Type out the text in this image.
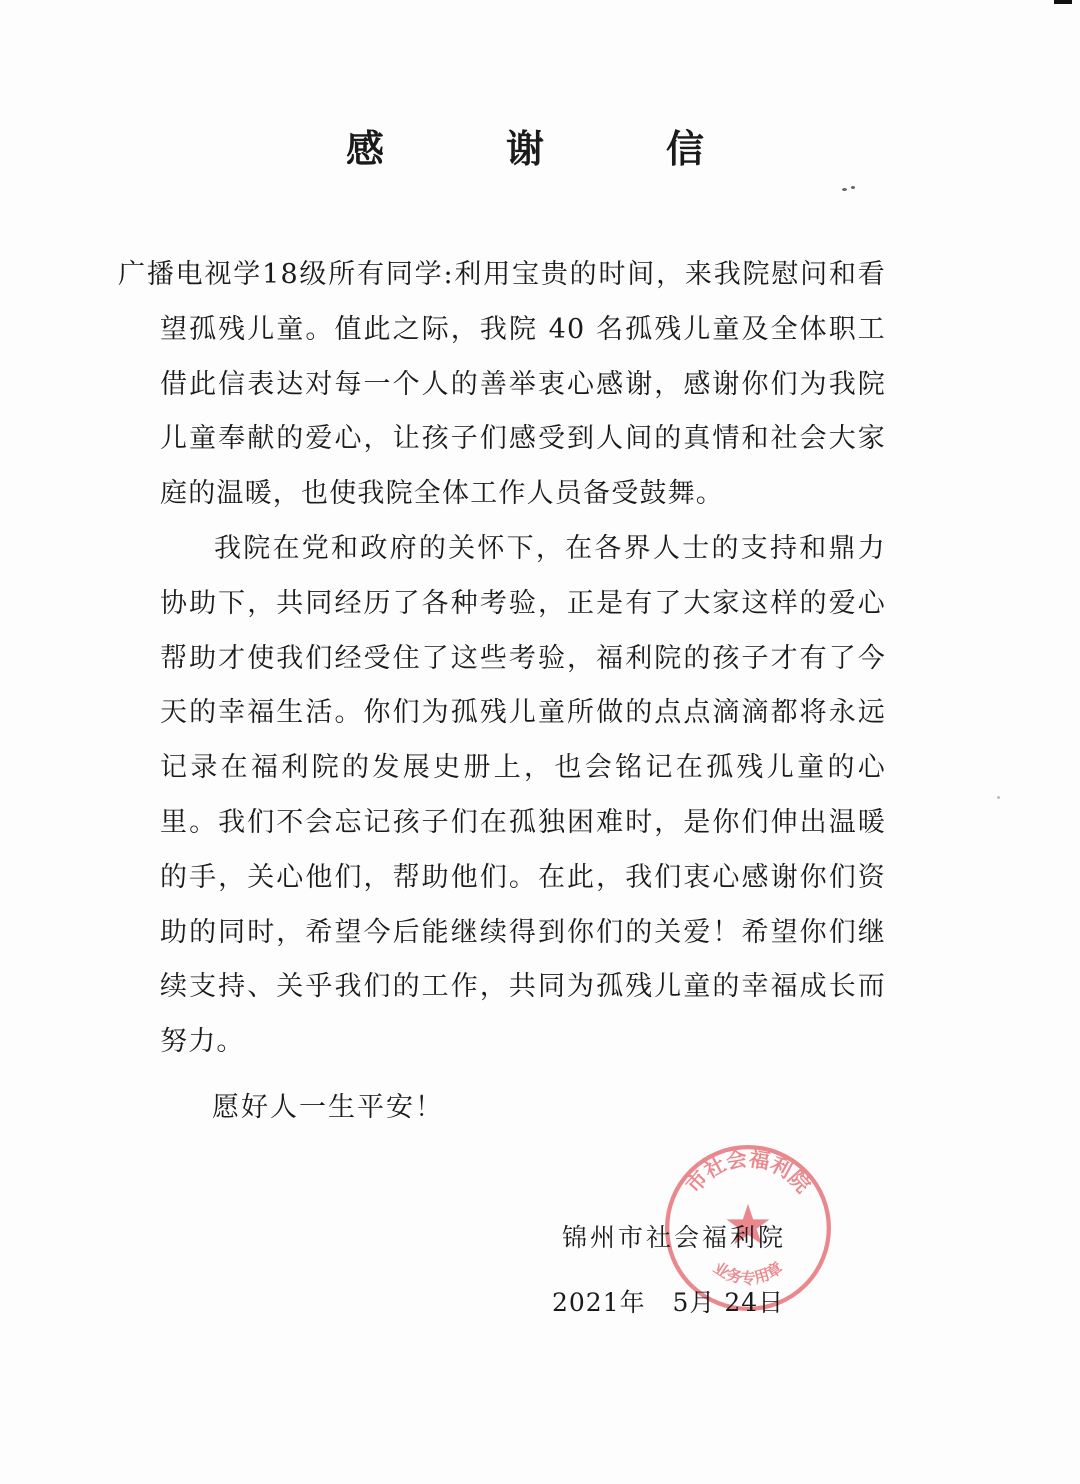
感　谢　信

广播电视学18级所有同学:利用宝贵的时间，来我院慰问和看望孤残儿童。值此之际，我院 40 名孤残儿童及全体职工借此信表达对每一个人的善举衷心感谢，感谢你们为我院儿童奉献的爱心，让孩子们感受到人间的真情和社会大家庭的温暖，也使我院全体工作人员备受鼓舞。

我院在党和政府的关怀下，在各界人士的支持和鼎力协助下，共同经历了各种考验，正是有了大家这样的爱心帮助才使我们经受住了这些考验，福利院的孩子才有了今天的幸福生活。你们为孤残儿童所做的点点滴滴都将永远记录在福利院的发展史册上，也会铭记在孤残儿童的心里。我们不会忘记孩子们在孤独困难时，是你们伸出温暖的手，关心他们，帮助他们。在此，我们衷心感谢你们资助的同时，希望今后能继续得到你们的关爱！希望你们继续支持、关乎我们的工作，共同为孤残儿童的幸福成长而努力。

愿好人一生平安！
市社会福利院
业务专用章
锦州市社会福利院
2021年 5月 24日
